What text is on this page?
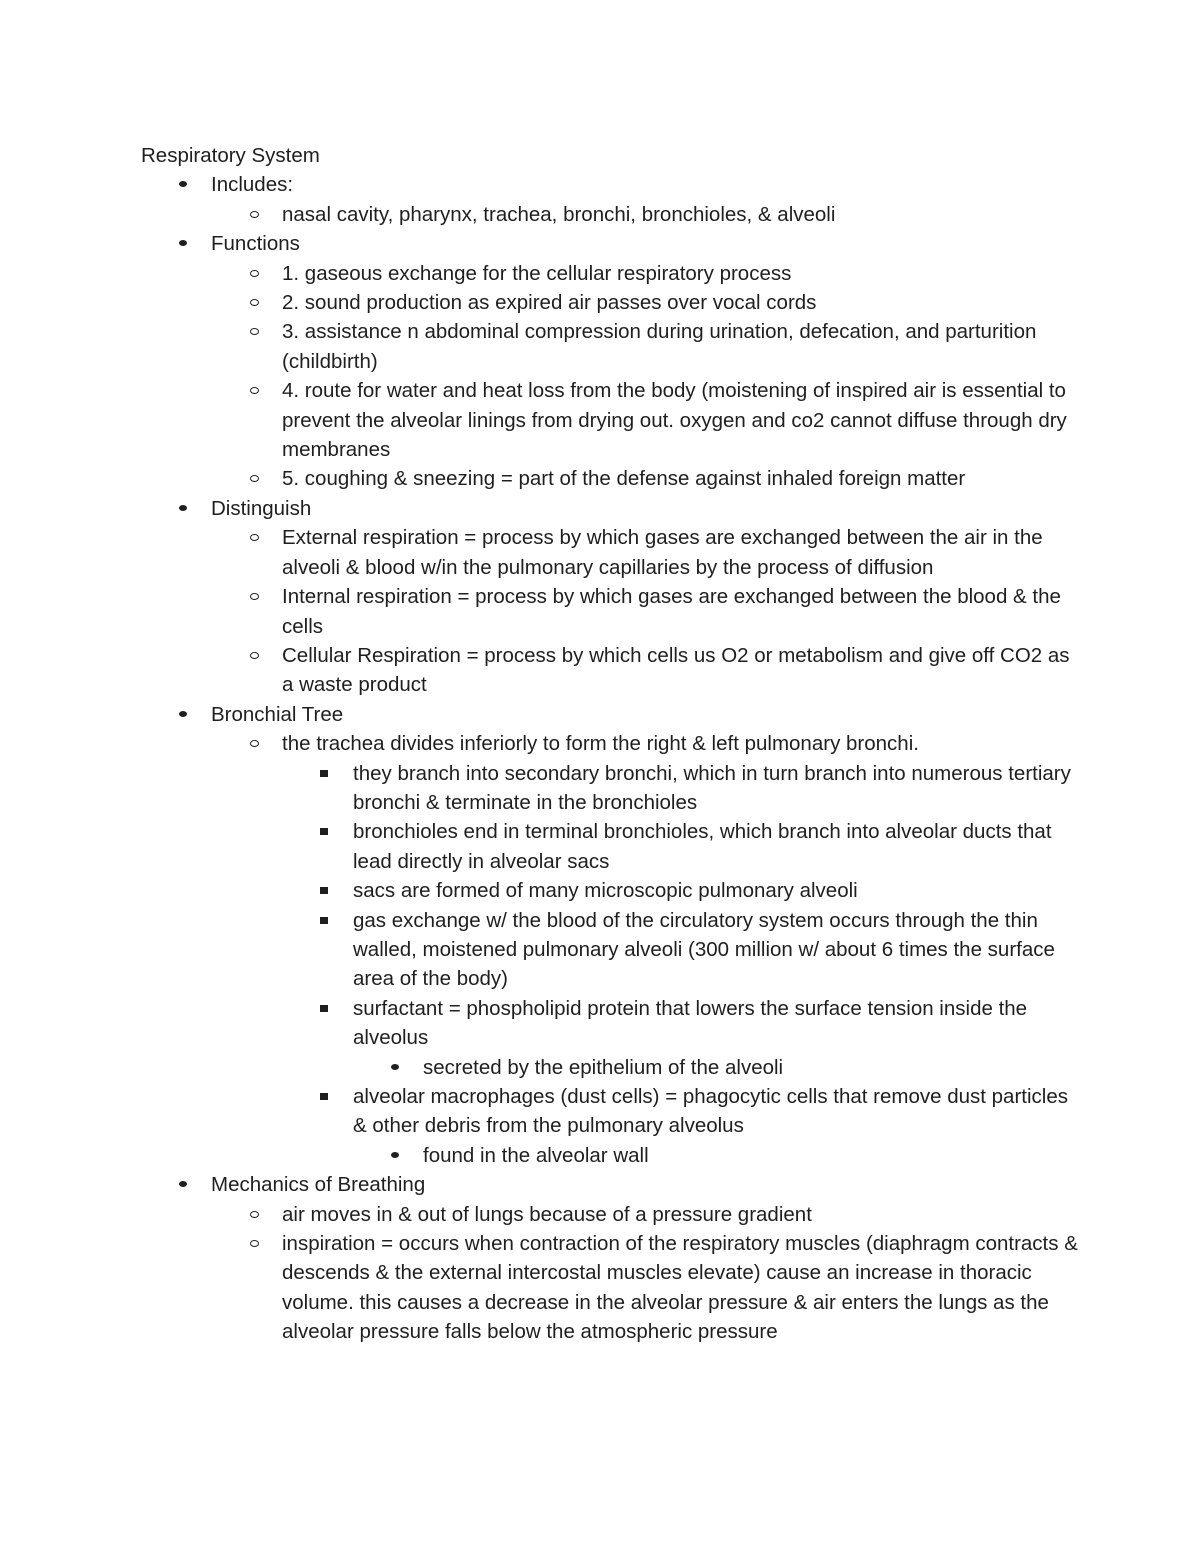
Respiratory System
Includes:
nasal cavity, pharynx, trachea, bronchi, bronchioles, & alveoli
Functions
1. gaseous exchange for the cellular respiratory process
2. sound production as expired air passes over vocal cords
3. assistance n abdominal compression during urination, defecation, and parturition (childbirth)
4. route for water and heat loss from the body (moistening of inspired air is essential to prevent the alveolar linings from drying out. oxygen and co2 cannot diffuse through dry membranes
5. coughing & sneezing = part of the defense against inhaled foreign matter
Distinguish
External respiration = process by which gases are exchanged between the air in the alveoli & blood w/in the pulmonary capillaries by the process of diffusion
Internal respiration = process by which gases are exchanged between the blood & the cells
Cellular Respiration = process by which cells us O2 or metabolism and give off CO2 as a waste product
Bronchial Tree
the trachea divides inferiorly to form the right & left pulmonary bronchi.
they branch into secondary bronchi, which in turn branch into numerous tertiary bronchi & terminate in the bronchioles
bronchioles end in terminal bronchioles, which branch into alveolar ducts that lead directly in alveolar sacs
sacs are formed of many microscopic pulmonary alveoli
gas exchange w/ the blood of the circulatory system occurs through the thin walled, moistened pulmonary alveoli (300 million w/ about 6 times the surface area of the body)
surfactant = phospholipid protein that lowers the surface tension inside the alveolus
secreted by the epithelium of the alveoli
alveolar macrophages (dust cells) = phagocytic cells that remove dust particles & other debris from the pulmonary alveolus
found in the alveolar wall
Mechanics of Breathing
air moves in & out of lungs because of a pressure gradient
inspiration = occurs when contraction of the respiratory muscles (diaphragm contracts & descends & the external intercostal muscles elevate) cause an increase in thoracic volume. this causes a decrease in the alveolar pressure & air enters the lungs as the alveolar pressure falls below the atmospheric pressure
